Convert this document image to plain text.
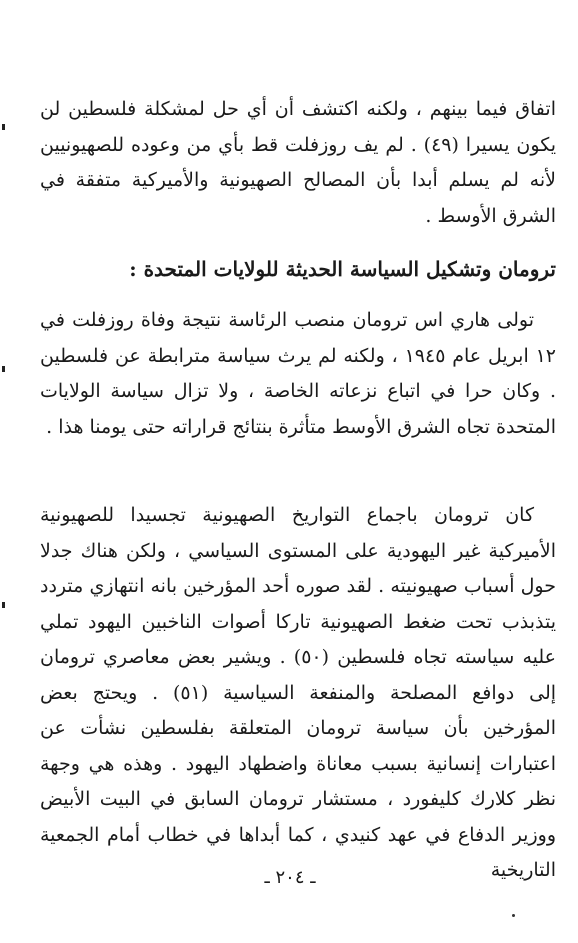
اتفاق فيما بينهم ، ولكنه اكتشف أن أي حل لمشكلة فلسطين لن يكون يسيرا (٤٩) . لم يف روزفلت قط بأي من وعوده للصهيونيين لأنه لم يسلم أبدا بأن المصالح الصهيونية والأميركية متفقة في الشرق الأوسط .

ترومان وتشكيل السياسة الحديثة للولايات المتحدة :

تولى هاري اس ترومان منصب الرئاسة نتيجة وفاة روزفلت في ١٢ ابريل عام ١٩٤٥ ، ولكنه لم يرث سياسة مترابطة عن فلسطين . وكان حرا في اتباع نزعاته الخاصة ، ولا تزال سياسة الولايات المتحدة تجاه الشرق الأوسط متأثرة بنتائج قراراته حتى يومنا هذا .

كان ترومان باجماع التواريخ الصهيونية تجسيدا للصهيونية الأميركية غير اليهودية على المستوى السياسي ، ولكن هناك جدلا حول أسباب صهيونيته . لقد صوره أحد المؤرخين بانه انتهازي متردد يتذبذب تحت ضغط الصهيونية تاركا أصوات الناخبين اليهود تملي عليه سياسته تجاه فلسطين (٥٠) . ويشير بعض معاصري ترومان إلى دوافع المصلحة والمنفعة السياسية (٥١) . ويحتج بعض المؤرخين بأن سياسة ترومان المتعلقة بفلسطين نشأت عن اعتبارات إنسانية بسبب معاناة واضطهاد اليهود . وهذه هي وجهة نظر كلارك كليفورد ، مستشار ترومان السابق في البيت الأبيض ووزير الدفاع في عهد كنيدي ، كما أبداها في خطاب أمام الجمعية التاريخية

ـ ٢٠٤ ـ
